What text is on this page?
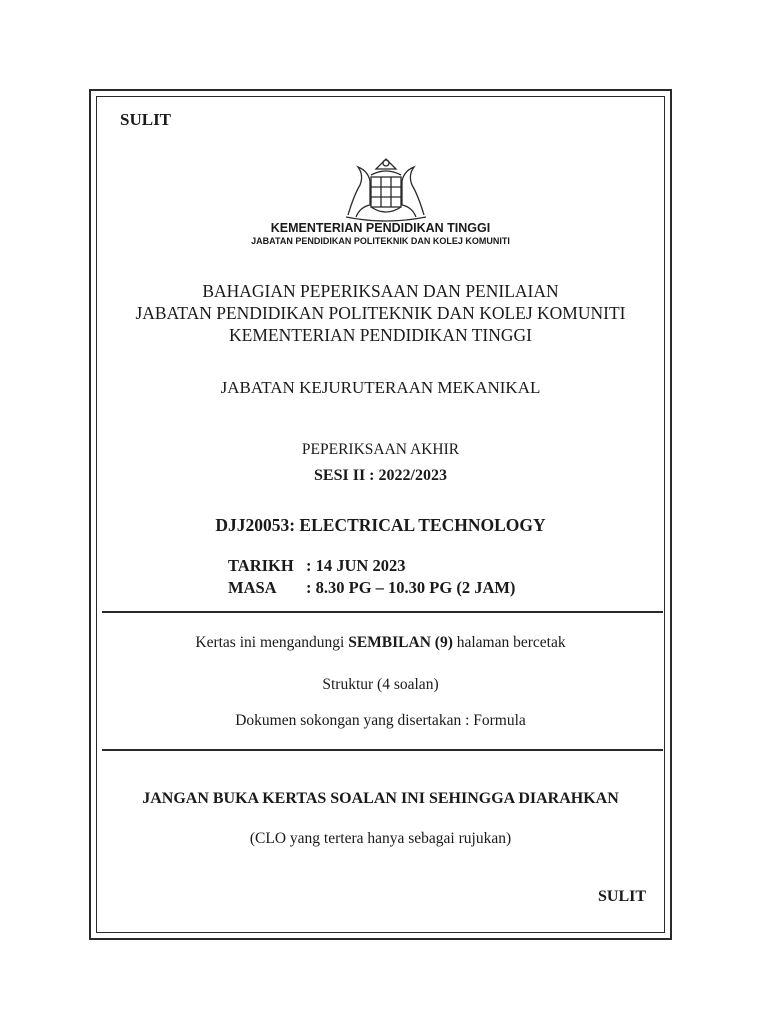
SULIT
KEMENTERIAN PENDIDIKAN TINGGI
JABATAN PENDIDIKAN POLITEKNIK DAN KOLEJ KOMUNITI
BAHAGIAN PEPERIKSAAN DAN PENILAIAN
JABATAN PENDIDIKAN POLITEKNIK DAN KOLEJ KOMUNITI
KEMENTERIAN PENDIDIKAN TINGGI
JABATAN KEJURUTERAAN MEKANIKAL
PEPERIKSAAN AKHIR
SESI II : 2022/2023
DJJ20053: ELECTRICAL TECHNOLOGY
TARIKH : 14 JUN 2023
MASA : 8.30 PG – 10.30 PG (2 JAM)
Kertas ini mengandungi SEMBILAN (9) halaman bercetak
Struktur (4 soalan)
Dokumen sokongan yang disertakan : Formula
JANGAN BUKA KERTAS SOALAN INI SEHINGGA DIARAHKAN
(CLO yang tertera hanya sebagai rujukan)
SULIT
